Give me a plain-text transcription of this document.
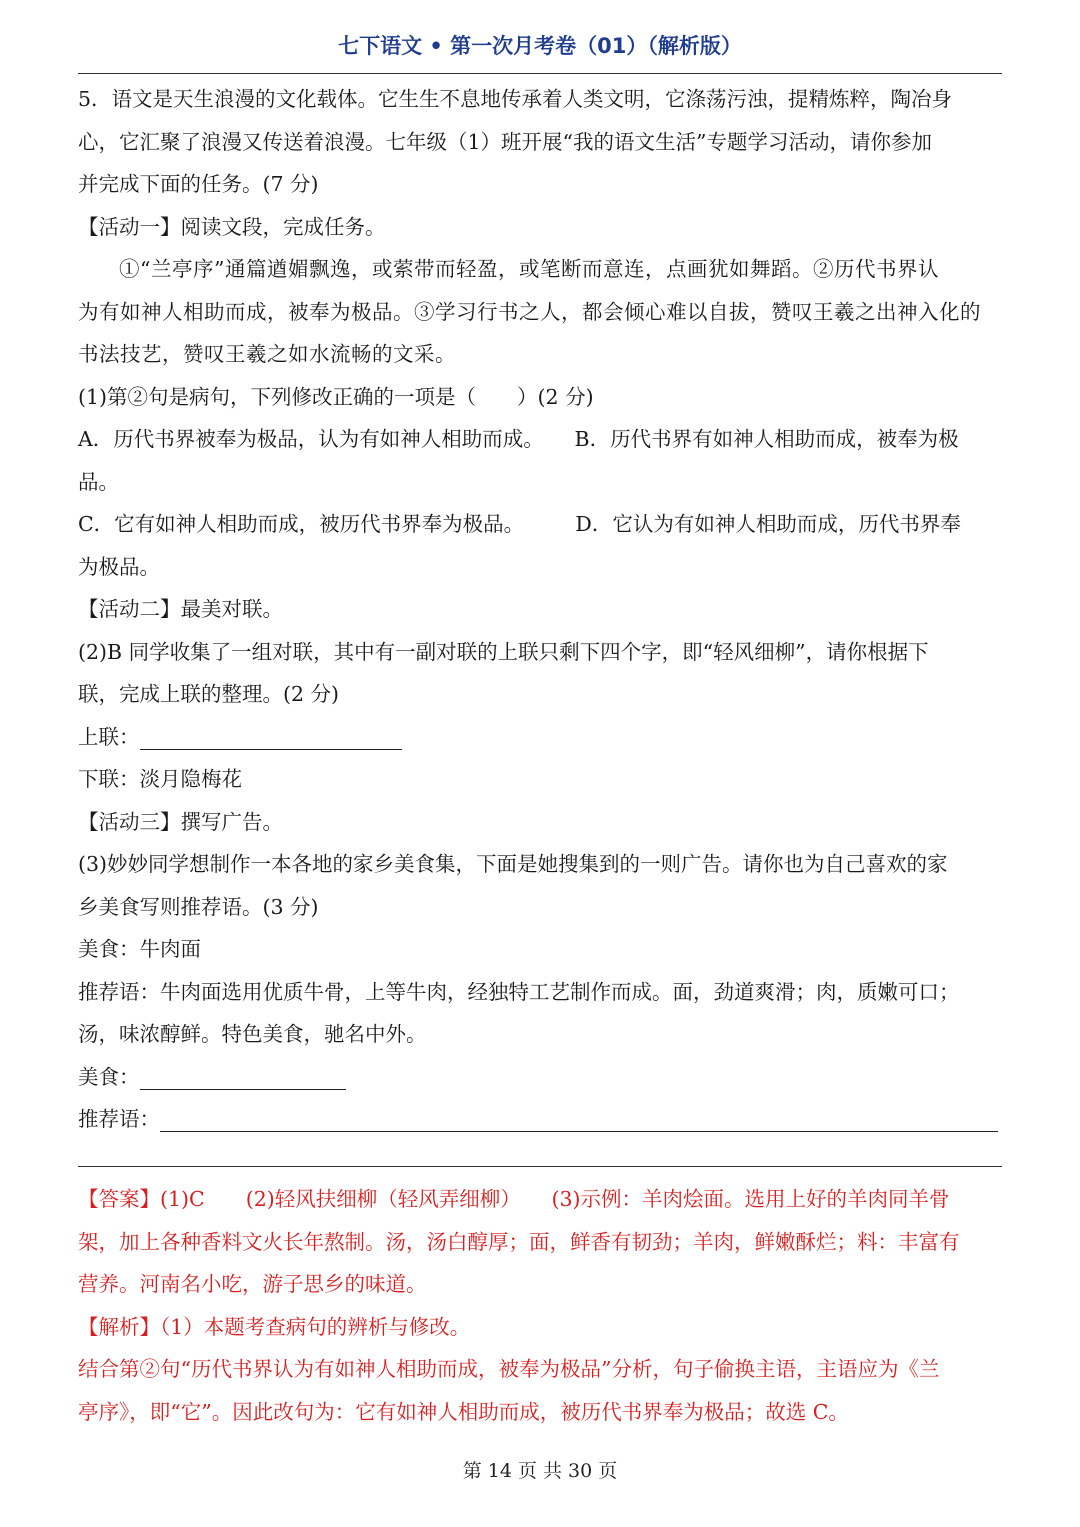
七下语文 • 第一次月考卷（01）（解析版）
5．语文是天生浪漫的文化载体。它生生不息地传承着人类文明，它涤荡污浊，提精炼粹，陶冶身
心，它汇聚了浪漫又传送着浪漫。七年级（1）班开展“我的语文生活”专题学习活动，请你参加
并完成下面的任务。(7 分)
【活动一】阅读文段，完成任务。
①“兰亭序”通篇遒媚飘逸，或萦带而轻盈，或笔断而意连，点画犹如舞蹈。②历代书界认
为有如神人相助而成，被奉为极品。③学习行书之人，都会倾心难以自拔，赞叹王羲之出神入化的
书法技艺，赞叹王羲之如水流畅的文采。
(1)第②句是病句，下列修改正确的一项是（　　）(2 分)
A．历代书界被奉为极品，认为有如神人相助而成。　　B．历代书界有如神人相助而成，被奉为极
品。
C．它有如神人相助而成，被历代书界奉为极品。　　　D．它认为有如神人相助而成，历代书界奉
为极品。
【活动二】最美对联。
(2)B 同学收集了一组对联，其中有一副对联的上联只剩下四个字，即“轻风细柳”，请你根据下
联，完成上联的整理。(2 分)
上联：
下联：淡月隐梅花
【活动三】撰写广告。
(3)妙妙同学想制作一本各地的家乡美食集，下面是她搜集到的一则广告。请你也为自己喜欢的家
乡美食写则推荐语。(3 分)
美食：牛肉面
推荐语：牛肉面选用优质牛骨，上等牛肉，经独特工艺制作而成。面，劲道爽滑；肉，质嫩可口；
汤，味浓醇鲜。特色美食，驰名中外。
美食：
推荐语：
【答案】(1)C　　(2)轻风扶细柳（轻风弄细柳）　　(3)示例：羊肉烩面。选用上好的羊肉同羊骨
架，加上各种香料文火长年熬制。汤，汤白醇厚；面，鲜香有韧劲；羊肉，鲜嫩酥烂；料：丰富有
营养。河南名小吃，游子思乡的味道。
【解析】（1）本题考查病句的辨析与修改。
结合第②句“历代书界认为有如神人相助而成，被奉为极品”分析，句子偷换主语，主语应为《兰
亭序》，即“它”。因此改句为：它有如神人相助而成，被历代书界奉为极品；故选 C。
第 14 页 共 30 页
